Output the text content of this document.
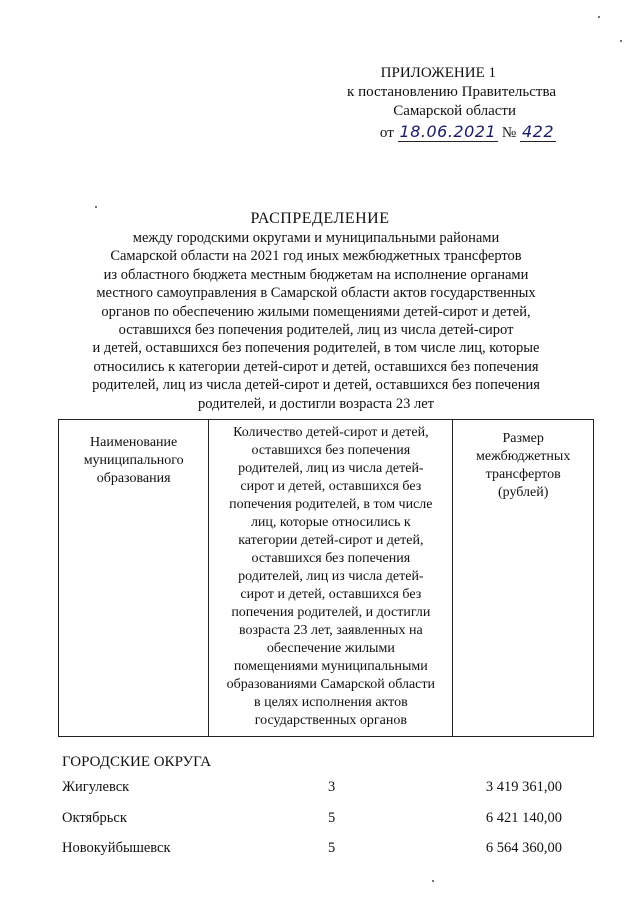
ПРИЛОЖЕНИЕ 1
к постановлению Правительства
Самарской области
от 18.06.2021 № 422
РАСПРЕДЕЛЕНИЕ
между городскими округами и муниципальными районами
Самарской области на 2021 год иных межбюджетных трансфертов
из областного бюджета местным бюджетам на исполнение органами
местного самоуправления в Самарской области актов государственных
органов по обеспечению жилыми помещениями детей-сирот и детей,
оставшихся без попечения родителей, лиц из числа детей-сирот
и детей, оставшихся без попечения родителей, в том числе лиц, которые
относились к категории детей-сирот и детей, оставшихся без попечения
родителей, лиц из числа детей-сирот и детей, оставшихся без попечения
родителей, и достигли возраста 23 лет
Наименование
муниципального
образования

Количество детей-сирот и детей,
оставшихся без попечения
родителей, лиц из числа детей-
сирот и детей, оставшихся без
попечения родителей, в том числе
лиц, которые относились к
категории детей-сирот и детей,
оставшихся без попечения
родителей, лиц из числа детей-
сирот и детей, оставшихся без
попечения родителей, и достигли
возраста 23 лет, заявленных на
обеспечение жилыми
помещениями муниципальными
образованиями Самарской области
в целях исполнения актов
государственных органов

Размер
межбюджетных
трансфертов
(рублей)
ГОРОДСКИЕ ОКРУГА
Жигулевск	3	3 419 361,00
Октябрьск	5	6 421 140,00
Новокуйбышевск	5	6 564 360,00
